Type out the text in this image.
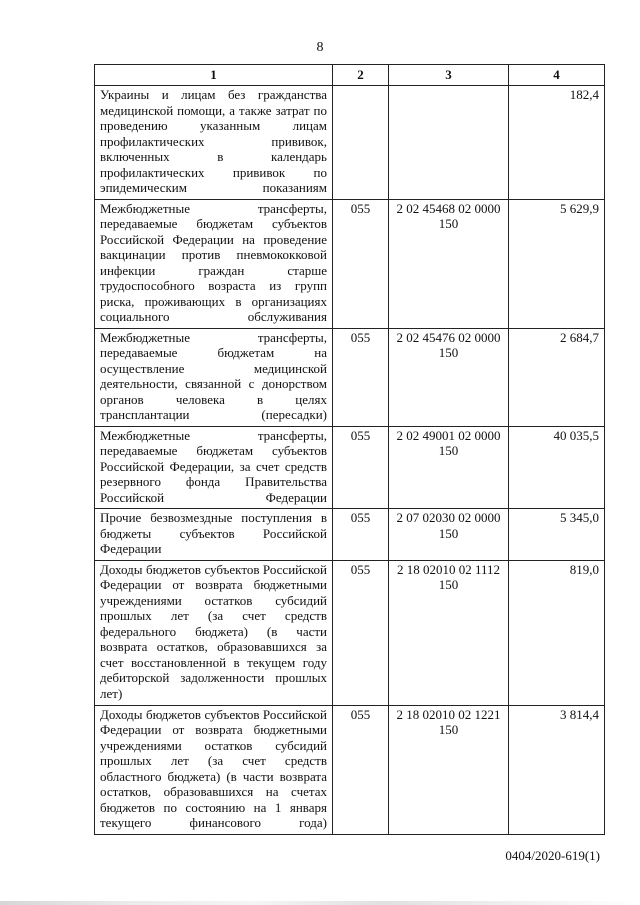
8
1	2	3	4
Украины и лицам без гражданства медицинской помощи, а также затрат по проведению указанным лицам профилактических прививок, включенных в календарь профилактических прививок по эпидемическим показаниям			182,4
Межбюджетные трансферты, передаваемые бюджетам субъектов Российской Федерации на проведение вакцинации против пневмококковой инфекции граждан старше трудоспособного возраста из групп риска, проживающих в организациях социального обслуживания	055	2 02 45468 02 0000 150	5 629,9
Межбюджетные трансферты, передаваемые бюджетам на осуществление медицинской деятельности, связанной с донорством органов человека в целях трансплантации (пересадки)	055	2 02 45476 02 0000 150	2 684,7
Межбюджетные трансферты, передаваемые бюджетам субъектов Российской Федерации, за счет средств резервного фонда Правительства Российской Федерации	055	2 02 49001 02 0000 150	40 035,5
Прочие безвозмездные поступления в бюджеты субъектов Российской Федерации	055	2 07 02030 02 0000 150	5 345,0
Доходы бюджетов субъектов Российской Федерации от возврата бюджетными учреждениями остатков субсидий прошлых лет (за счет средств федерального бюджета) (в части возврата остатков, образовавшихся за счет восстановленной в текущем году дебиторской задолженности прошлых лет)	055	2 18 02010 02 1112 150	819,0
Доходы бюджетов субъектов Российской Федерации от возврата бюджетными учреждениями остатков субсидий прошлых лет (за счет средств областного бюджета) (в части возврата остатков, образовавшихся на счетах бюджетов по состоянию на 1 января текущего финансового года)	055	2 18 02010 02 1221 150	3 814,4
0404/2020-619(1)
